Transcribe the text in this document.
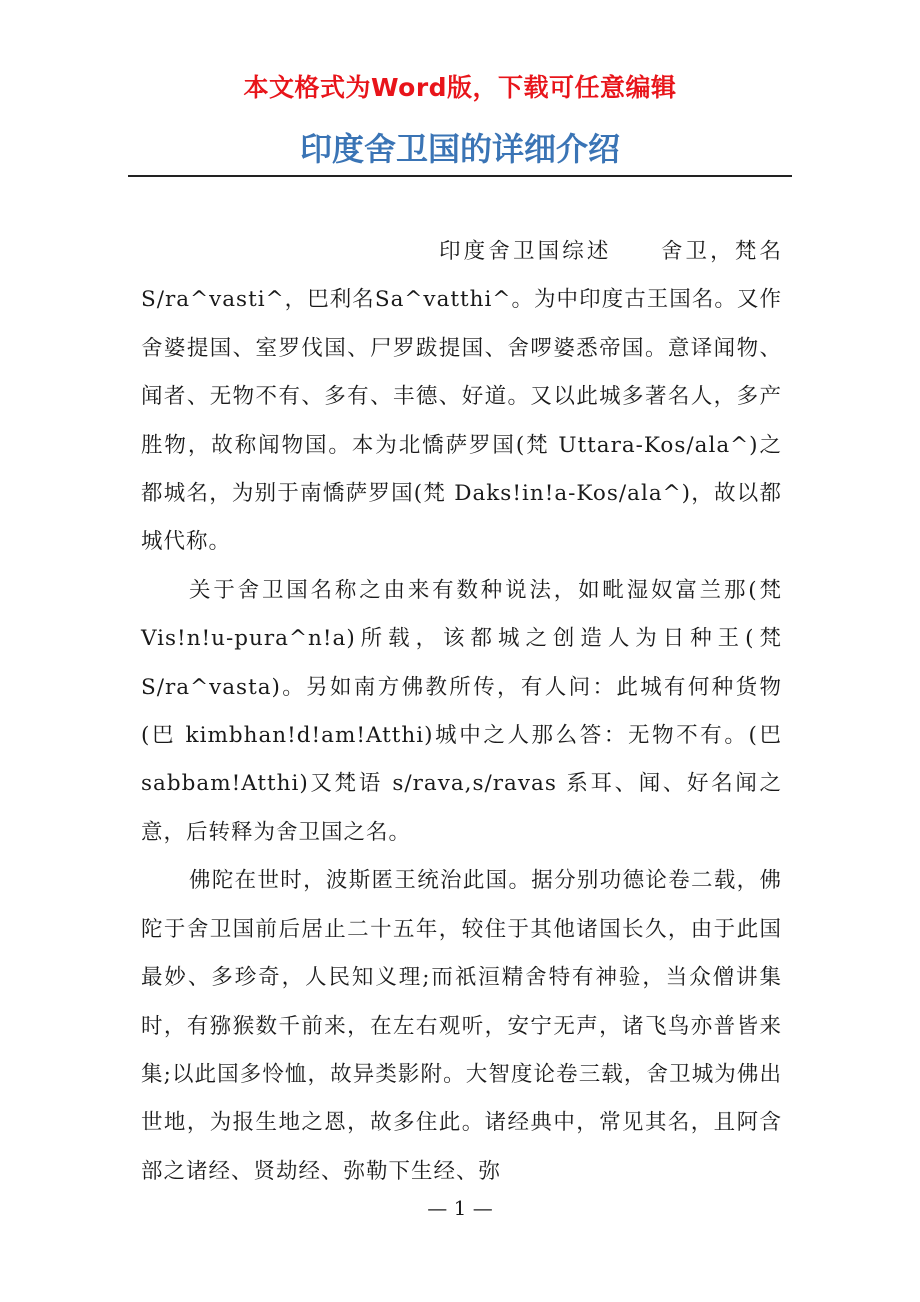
本文格式为Word版，下载可任意编辑
印度舍卫国的详细介绍

印度舍卫国综述　　舍卫，梵名S/ra^vasti^，巴利名Sa^vatthi^。为中印度古王国名。又作舍婆提国、室罗伐国、尸罗跋提国、舍啰婆悉帝国。意译闻物、闻者、无物不有、多有、丰德、好道。又以此城多著名人，多产胜物，故称闻物国。本为北憍萨罗国(梵 Uttara-Kos/ala^)之都城名，为别于南憍萨罗国(梵 Daks!in!a-Kos/ala^)，故以都城代称。

关于舍卫国名称之由来有数种说法，如毗湿奴富兰那(梵 Vis!n!u-pura^n!a)所载，该都城之创造人为日种王(梵S/ra^vasta)。另如南方佛教所传，有人问：此城有何种货物(巴 kimbhan!d!am!Atthi)城中之人那么答：无物不有。(巴 sabbam!Atthi)又梵语 s/rava,s/ravas 系耳、闻、好名闻之意，后转释为舍卫国之名。

佛陀在世时，波斯匿王统治此国。据分别功德论卷二载，佛陀于舍卫国前后居止二十五年，较住于其他诸国长久，由于此国最妙、多珍奇，人民知义理;而祇洹精舍特有神验，当众僧讲集时，有猕猴数千前来，在左右观听，安宁无声，诸飞鸟亦普皆来集;以此国多怜恤，故异类影附。大智度论卷三载，舍卫城为佛出世地，为报生地之恩，故多住此。诸经典中，常见其名，且阿含部之诸经、贤劫经、弥勒下生经、弥

— 1 —
